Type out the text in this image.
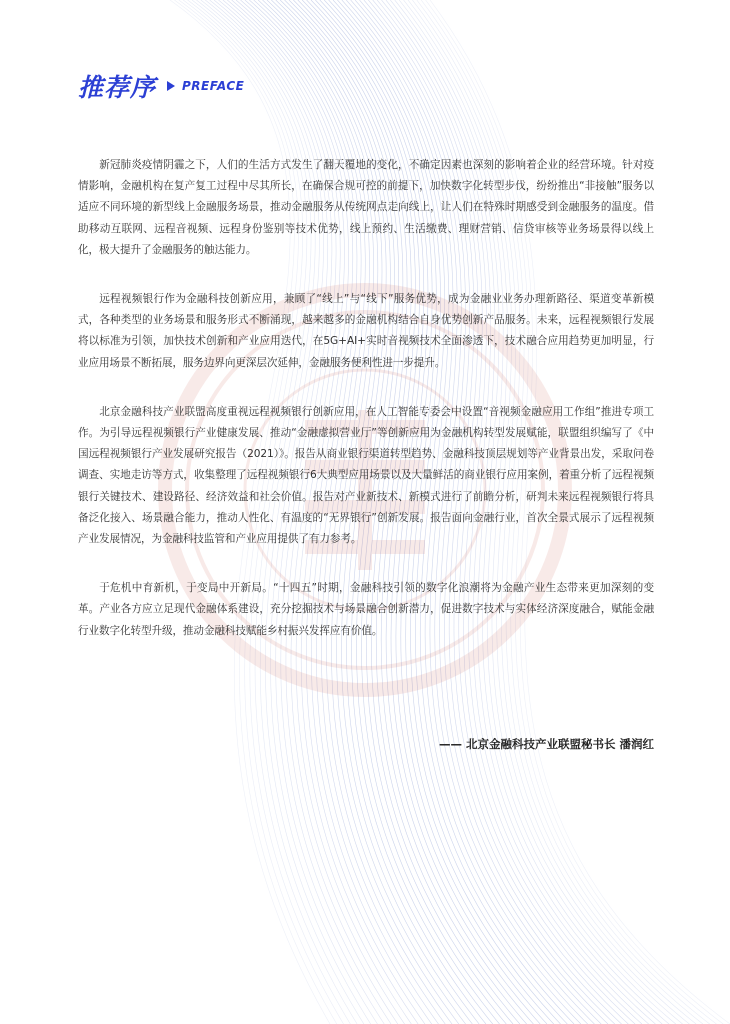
推荐序 PREFACE

新冠肺炎疫情阴霾之下，人们的生活方式发生了翻天覆地的变化，不确定因素也深刻的影响着企业的经营环境。针对疫情影响，金融机构在复产复工过程中尽其所长，在确保合规可控的前提下，加快数字化转型步伐，纷纷推出“非接触”服务以适应不同环境的新型线上金融服务场景，推动金融服务从传统网点走向线上，让人们在特殊时期感受到金融服务的温度。借助移动互联网、远程音视频、远程身份鉴别等技术优势，线上预约、生活缴费、理财营销、信贷审核等业务场景得以线上化，极大提升了金融服务的触达能力。

远程视频银行作为金融科技创新应用，兼顾了“线上”与“线下”服务优势，成为金融业业务办理新路径、渠道变革新模式，各种类型的业务场景和服务形式不断涌现，越来越多的金融机构结合自身优势创新产品服务。未来，远程视频银行发展将以标准为引领，加快技术创新和产业应用迭代，在5G+AI+实时音视频技术全面渗透下，技术融合应用趋势更加明显，行业应用场景不断拓展，服务边界向更深层次延伸，金融服务便利性进一步提升。

北京金融科技产业联盟高度重视远程视频银行创新应用，在人工智能专委会中设置“音视频金融应用工作组”推进专项工作。为引导远程视频银行产业健康发展、推动“金融虚拟营业厅”等创新应用为金融机构转型发展赋能，联盟组织编写了《中国远程视频银行产业发展研究报告（2021）》。报告从商业银行渠道转型趋势、金融科技顶层规划等产业背景出发，采取问卷调查、实地走访等方式，收集整理了远程视频银行6大典型应用场景以及大量鲜活的商业银行应用案例，着重分析了远程视频银行关键技术、建设路径、经济效益和社会价值。报告对产业新技术、新模式进行了前瞻分析，研判未来远程视频银行将具备泛化接入、场景融合能力，推动人性化、有温度的“无界银行”创新发展。报告面向金融行业，首次全景式展示了远程视频产业发展情况，为金融科技监管和产业应用提供了有力参考。

于危机中育新机，于变局中开新局。“十四五”时期，金融科技引领的数字化浪潮将为金融产业生态带来更加深刻的变革。产业各方应立足现代金融体系建设，充分挖掘技术与场景融合创新潜力，促进数字技术与实体经济深度融合，赋能金融行业数字化转型升级，推动金融科技赋能乡村振兴发挥应有价值。

—— 北京金融科技产业联盟秘书长 潘润红
